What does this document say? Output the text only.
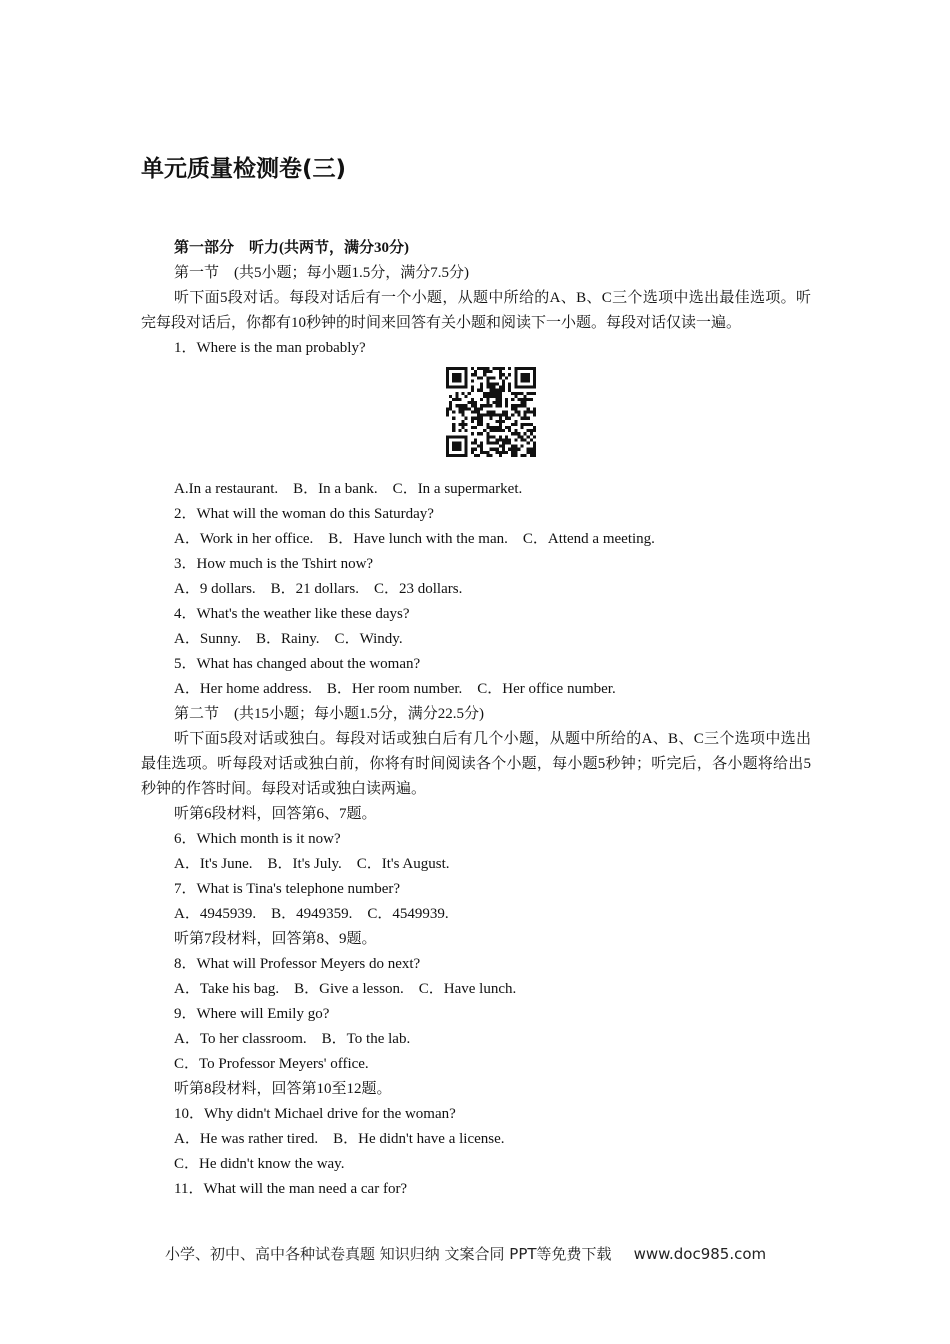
单元质量检测卷(三)
第一部分　听力(共两节，满分30分)
第一节　(共5小题；每小题1.5分，满分7.5分)
听下面5段对话。每段对话后有一个小题，从题中所给的A、B、C三个选项中选出最佳选项。听完每段对话后，你都有10秒钟的时间来回答有关小题和阅读下一小题。每段对话仅读一遍。
1．Where is the man probably?
A.In a restaurant.　B．In a bank.　C．In a supermarket.
2．What will the woman do this Saturday?
A．Work in her office.　B．Have lunch with the man.　C．Attend a meeting.
3．How much is the Tshirt now?
A．9 dollars.　B．21 dollars.　C．23 dollars.
4．What's the weather like these days?
A．Sunny.　B．Rainy.　C．Windy.
5．What has changed about the woman?
A．Her home address.　B．Her room number.　C．Her office number.
第二节　(共15小题；每小题1.5分，满分22.5分)
听下面5段对话或独白。每段对话或独白后有几个小题，从题中所给的A、B、C三个选项中选出最佳选项。听每段对话或独白前，你将有时间阅读各个小题，每小题5秒钟；听完后，各小题将给出5秒钟的作答时间。每段对话或独白读两遍。
听第6段材料，回答第6、7题。
6．Which month is it now?
A．It's June.　B．It's July.　C．It's August.
7．What is Tina's telephone number?
A．4945939.　B．4949359.　C．4549939.
听第7段材料，回答第8、9题。
8．What will Professor Meyers do next?
A．Take his bag.　B．Give a lesson.　C．Have lunch.
9．Where will Emily go?
A．To her classroom.　B．To the lab.
C．To Professor Meyers' office.
听第8段材料，回答第10至12题。
10．Why didn't Michael drive for the woman?
A．He was rather tired.　B．He didn't have a license.
C．He didn't know the way.
11．What will the man need a car for?
小学、初中、高中各种试卷真题 知识归纳 文案合同 PPT等免费下载 www.doc985.com
